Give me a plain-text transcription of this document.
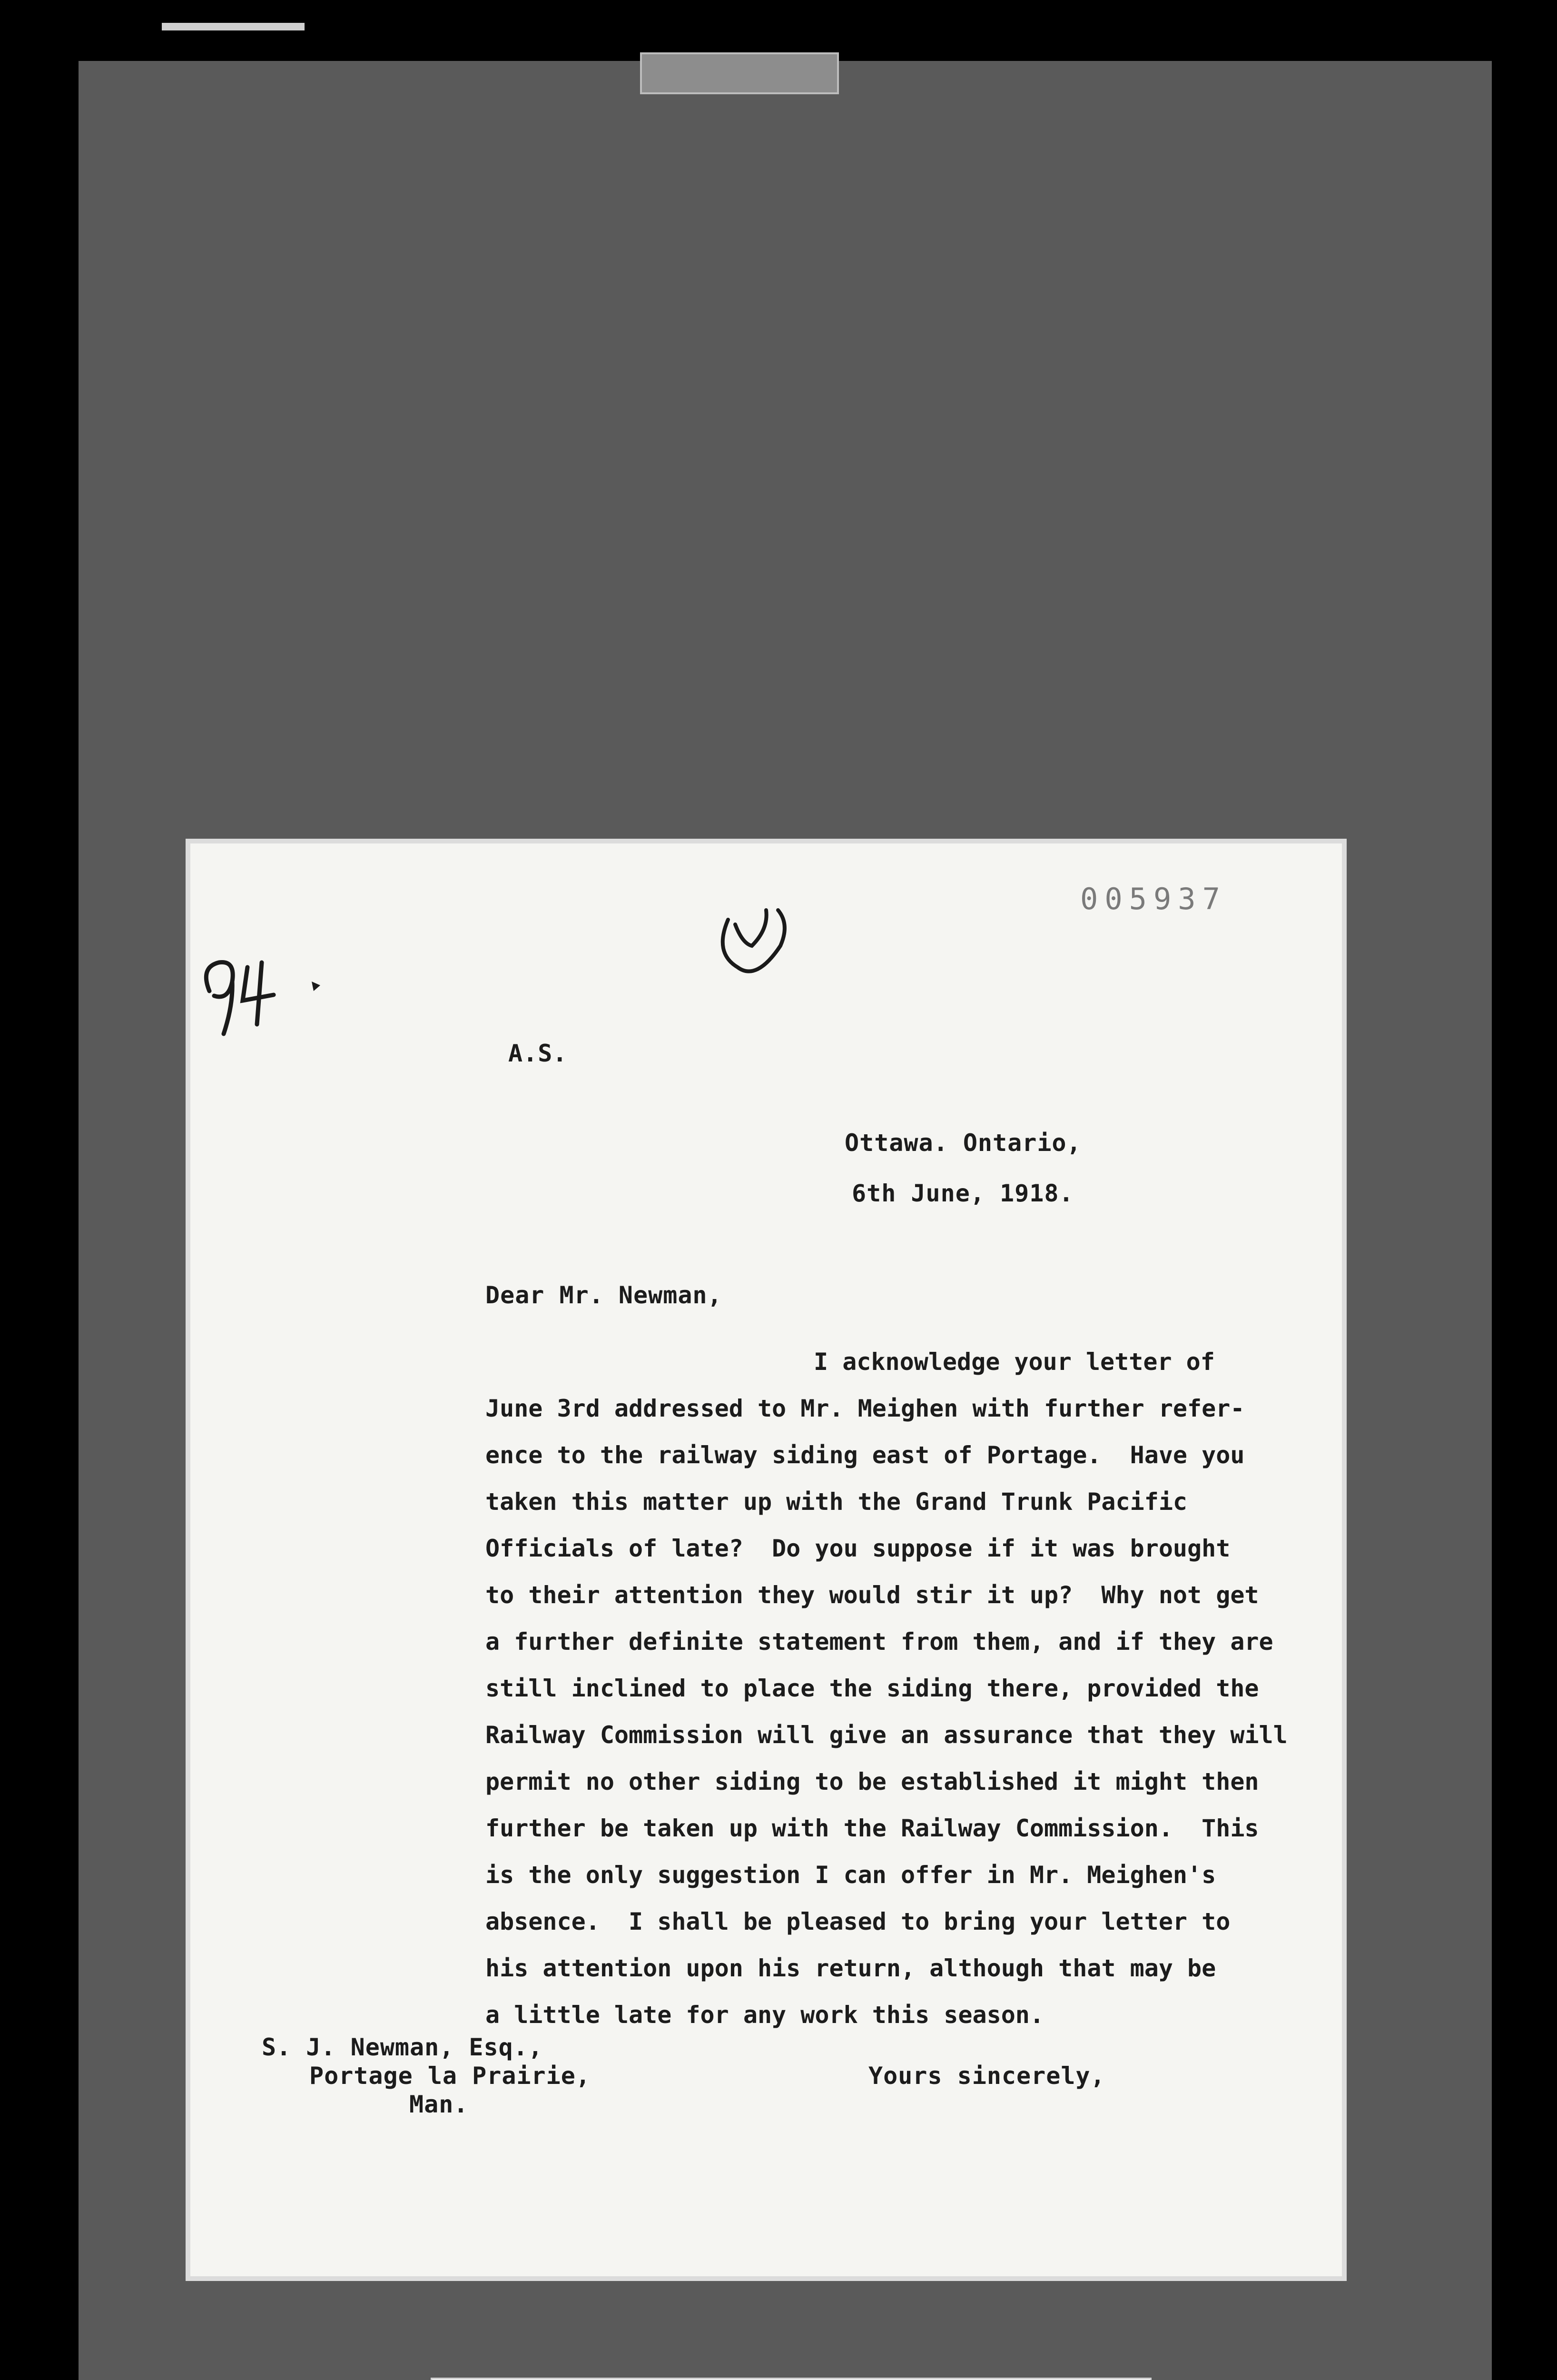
005937
A.S.
Ottawa. Ontario,
6th June, 1918.
Dear Mr. Newman,
I acknowledge your letter of
June 3rd addressed to Mr. Meighen with further refer-
ence to the railway siding east of Portage.  Have you
taken this matter up with the Grand Trunk Pacific
Officials of late?  Do you suppose if it was brought
to their attention they would stir it up?  Why not get
a further definite statement from them, and if they are
still inclined to place the siding there, provided the
Railway Commission will give an assurance that they will
permit no other siding to be established it might then
further be taken up with the Railway Commission.  This
is the only suggestion I can offer in Mr. Meighen's
absence.  I shall be pleased to bring your letter to
his attention upon his return, although that may be
a little late for any work this season.
S. J. Newman, Esq.,
Portage la Prairie,
Man.
Yours sincerely,
